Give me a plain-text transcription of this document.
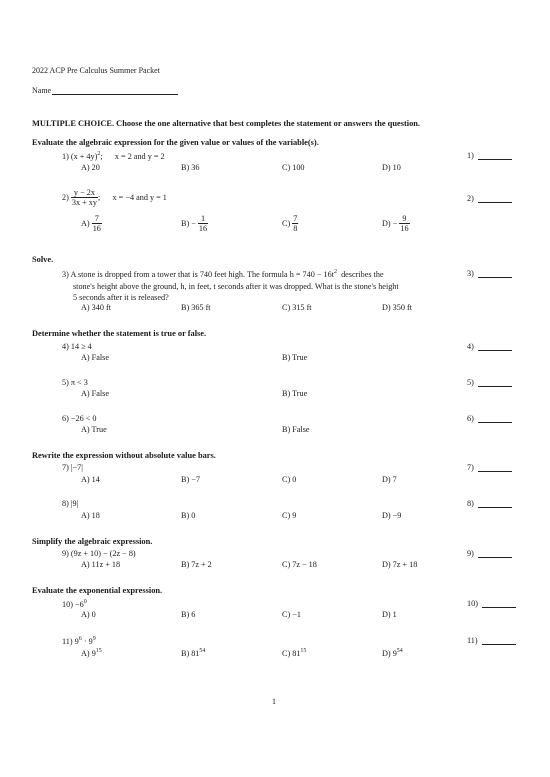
2022 ACP Pre Calculus Summer Packet
Name
MULTIPLE CHOICE. Choose the one alternative that best completes the statement or answers the question.
Evaluate the algebraic expression for the given value or values of the variable(s).
1) $(x + 4y)^2$;      x = 2 and y = 2	1)
A) 20	B) 36	C) 100	D) 10
$2) \frac{y - 2x}{3x + xy}$ ;      x = −4 and y = 1	2)
$A) \frac{7}{16}$	$B) - \frac{1}{16}$	$C) \frac{7}{8}$	$D) - \frac{9}{16}$
Solve.
3) A stone is dropped from a tower that is 740 feet high. The formula $h = 740 - 16t^2$  describes the
stone's height above the ground, h, in feet, t seconds after it was dropped. What is the stone's height
5 seconds after it is released?
3)
A) 340 ft	B) 365 ft	C) 315 ft	D) 350 ft
Determine whether the statement is true or false.
4) 14 ≥ 4	4)
A) False	B) True
5) π < 3	5)
A) False	B) True
6) −26 < 0	6)
A) True	B) False
Rewrite the expression without absolute value bars.
7) |−7|	7)
A) 14	B) −7	C) 0	D) 7
8) |9|	8)
A) 18	B) 0	C) 9	D) −9
Simplify the algebraic expression.
9) (9z + 10) − (2z − 8)	9)
A) 11z + 18	B) 7z + 2	C) 7z − 18	D) 7z + 18
Evaluate the exponential expression.
$10) -6^0$	10)
A) 0	B) 6	C) −1	D) 1
11) $9^6 \cdot 9^9$	11)
A) $9^{15}$	B) $81^{54}$	C) $81^{15}$	D) $9^{54}$
1
